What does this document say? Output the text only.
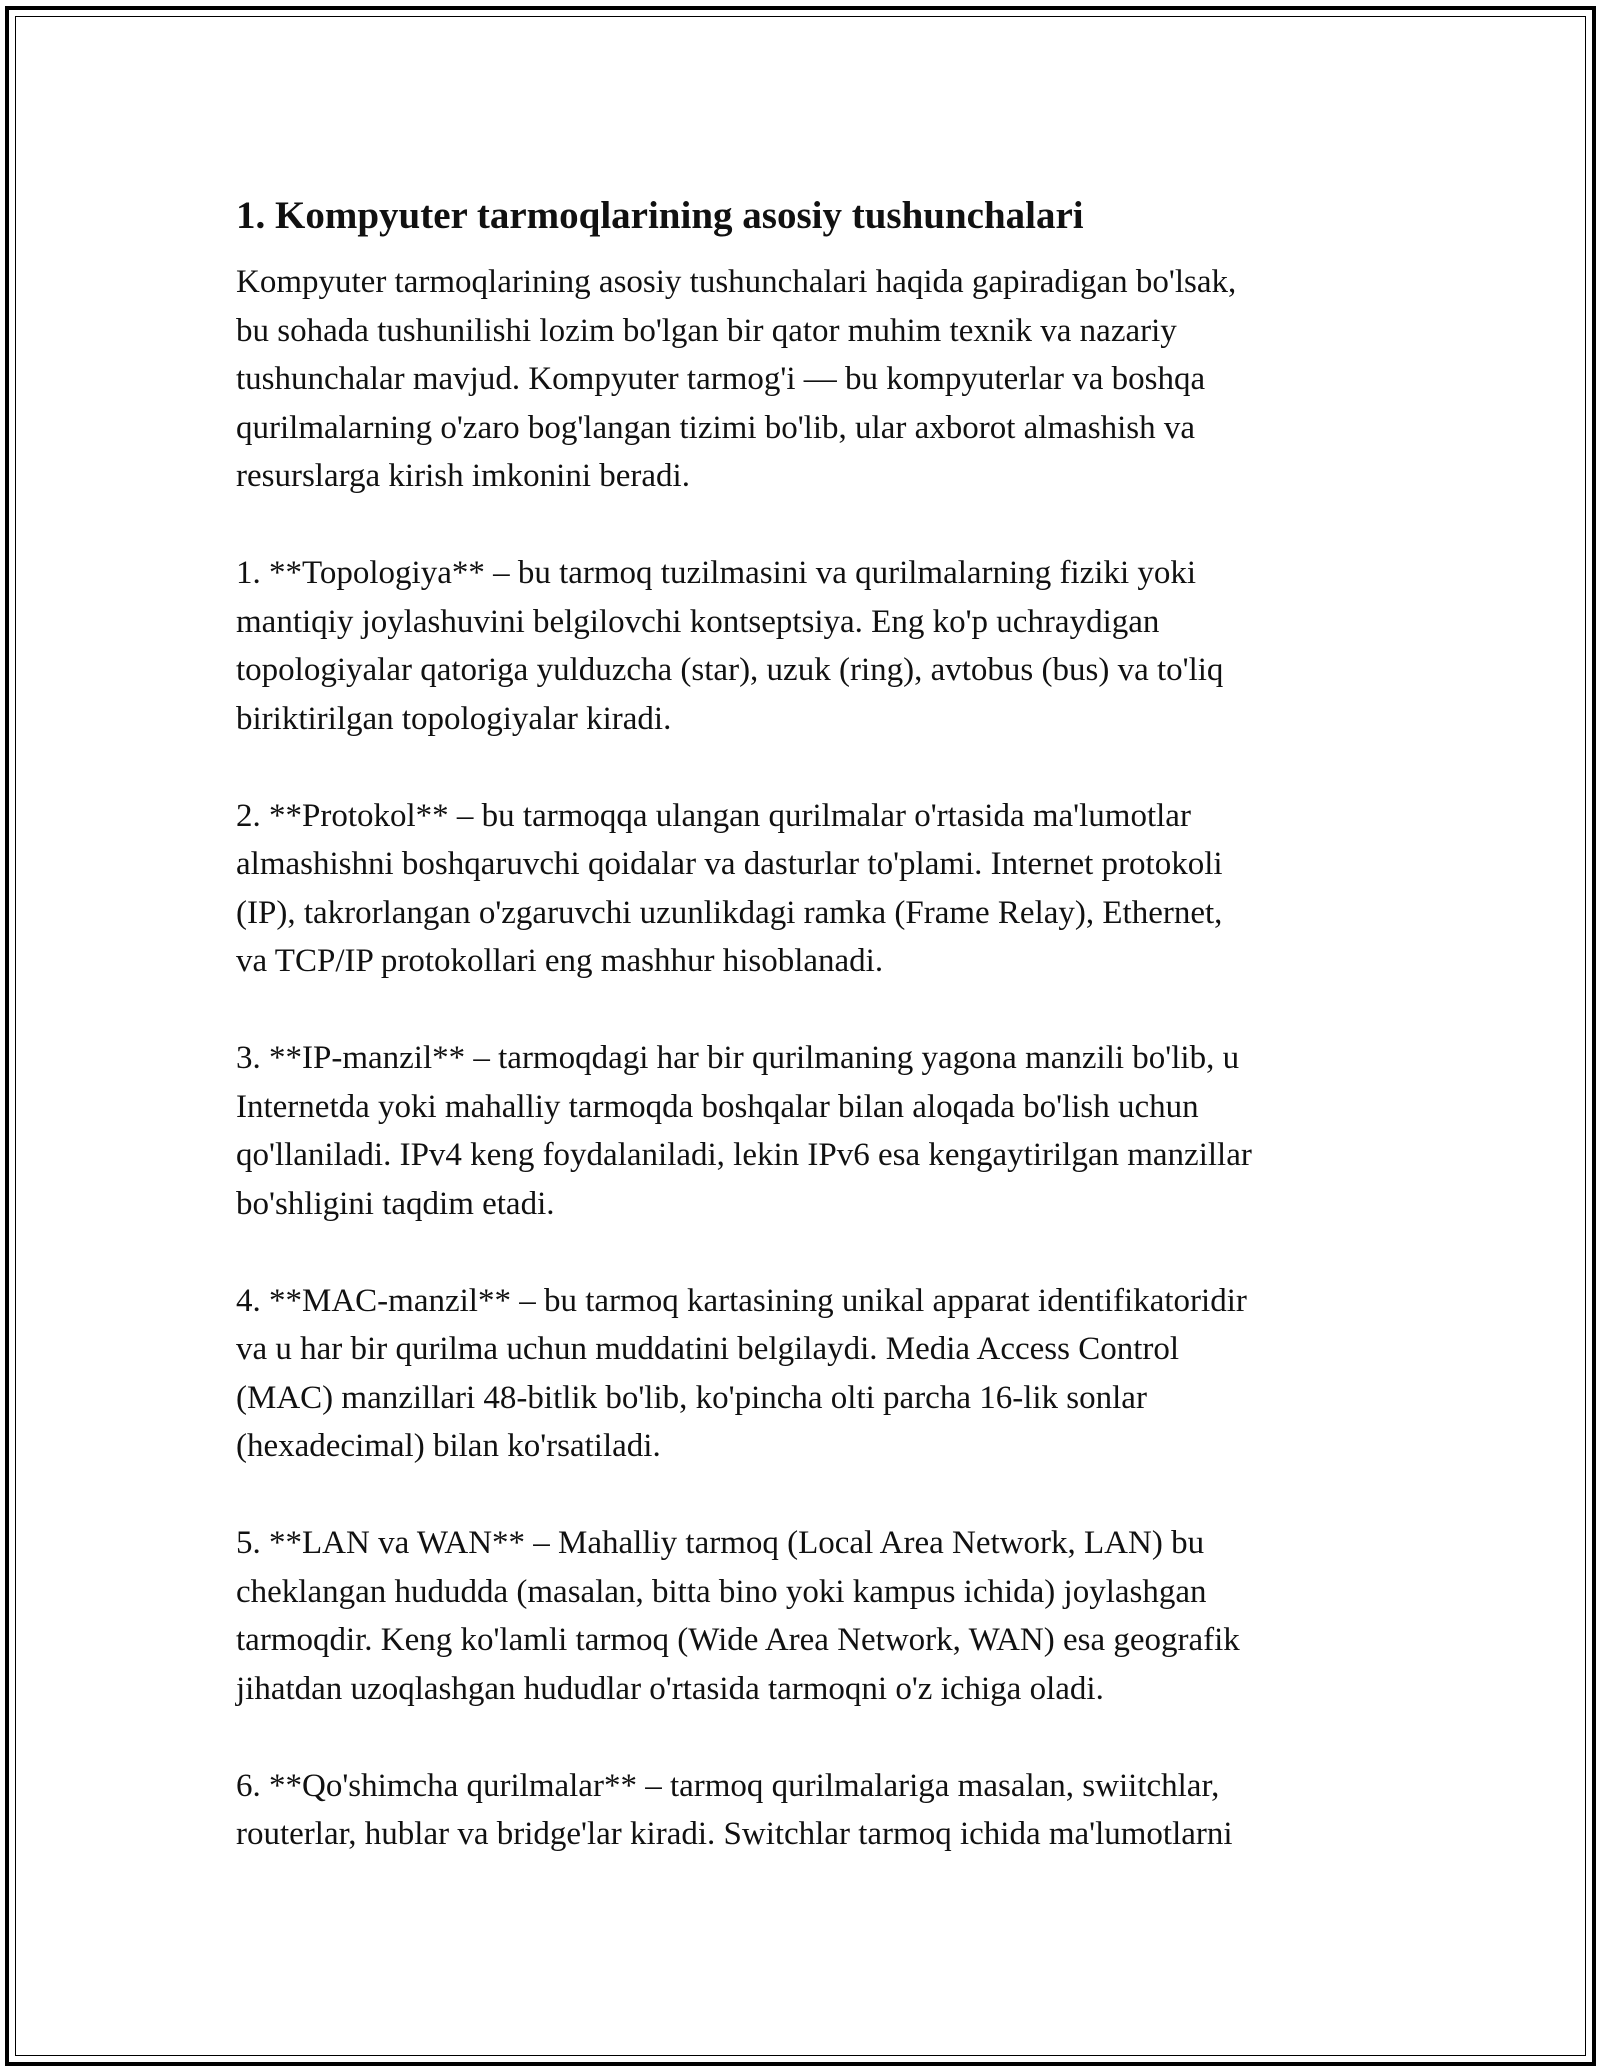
1. Kompyuter tarmoqlarining asosiy tushunchalari

Kompyuter tarmoqlarining asosiy tushunchalari haqida gapiradigan bo'lsak,
bu sohada tushunilishi lozim bo'lgan bir qator muhim texnik va nazariy
tushunchalar mavjud. Kompyuter tarmog'i — bu kompyuterlar va boshqa
qurilmalarning o'zaro bog'langan tizimi bo'lib, ular axborot almashish va
resurslarga kirish imkonini beradi.

1. **Topologiya** – bu tarmoq tuzilmasini va qurilmalarning fiziki yoki
mantiqiy joylashuvini belgilovchi kontseptsiya. Eng ko'p uchraydigan
topologiyalar qatoriga yulduzcha (star), uzuk (ring), avtobus (bus) va to'liq
biriktirilgan topologiyalar kiradi.

2. **Protokol** – bu tarmoqqa ulangan qurilmalar o'rtasida ma'lumotlar
almashishni boshqaruvchi qoidalar va dasturlar to'plami. Internet protokoli
(IP), takrorlangan o'zgaruvchi uzunlikdagi ramka (Frame Relay), Ethernet,
va TCP/IP protokollari eng mashhur hisoblanadi.

3. **IP-manzil** – tarmoqdagi har bir qurilmaning yagona manzili bo'lib, u
Internetda yoki mahalliy tarmoqda boshqalar bilan aloqada bo'lish uchun
qo'llaniladi. IPv4 keng foydalaniladi, lekin IPv6 esa kengaytirilgan manzillar
bo'shligini taqdim etadi.

4. **MAC-manzil** – bu tarmoq kartasining unikal apparat identifikatoridir
va u har bir qurilma uchun muddatini belgilaydi. Media Access Control
(MAC) manzillari 48-bitlik bo'lib, ko'pincha olti parcha 16-lik sonlar
(hexadecimal) bilan ko'rsatiladi.

5. **LAN va WAN** – Mahalliy tarmoq (Local Area Network, LAN) bu
cheklangan hududda (masalan, bitta bino yoki kampus ichida) joylashgan
tarmoqdir. Keng ko'lamli tarmoq (Wide Area Network, WAN) esa geografik
jihatdan uzoqlashgan hududlar o'rtasida tarmoqni o'z ichiga oladi.

6. **Qo'shimcha qurilmalar** – tarmoq qurilmalariga masalan, swiitchlar,
routerlar, hublar va bridge'lar kiradi. Switchlar tarmoq ichida ma'lumotlarni
